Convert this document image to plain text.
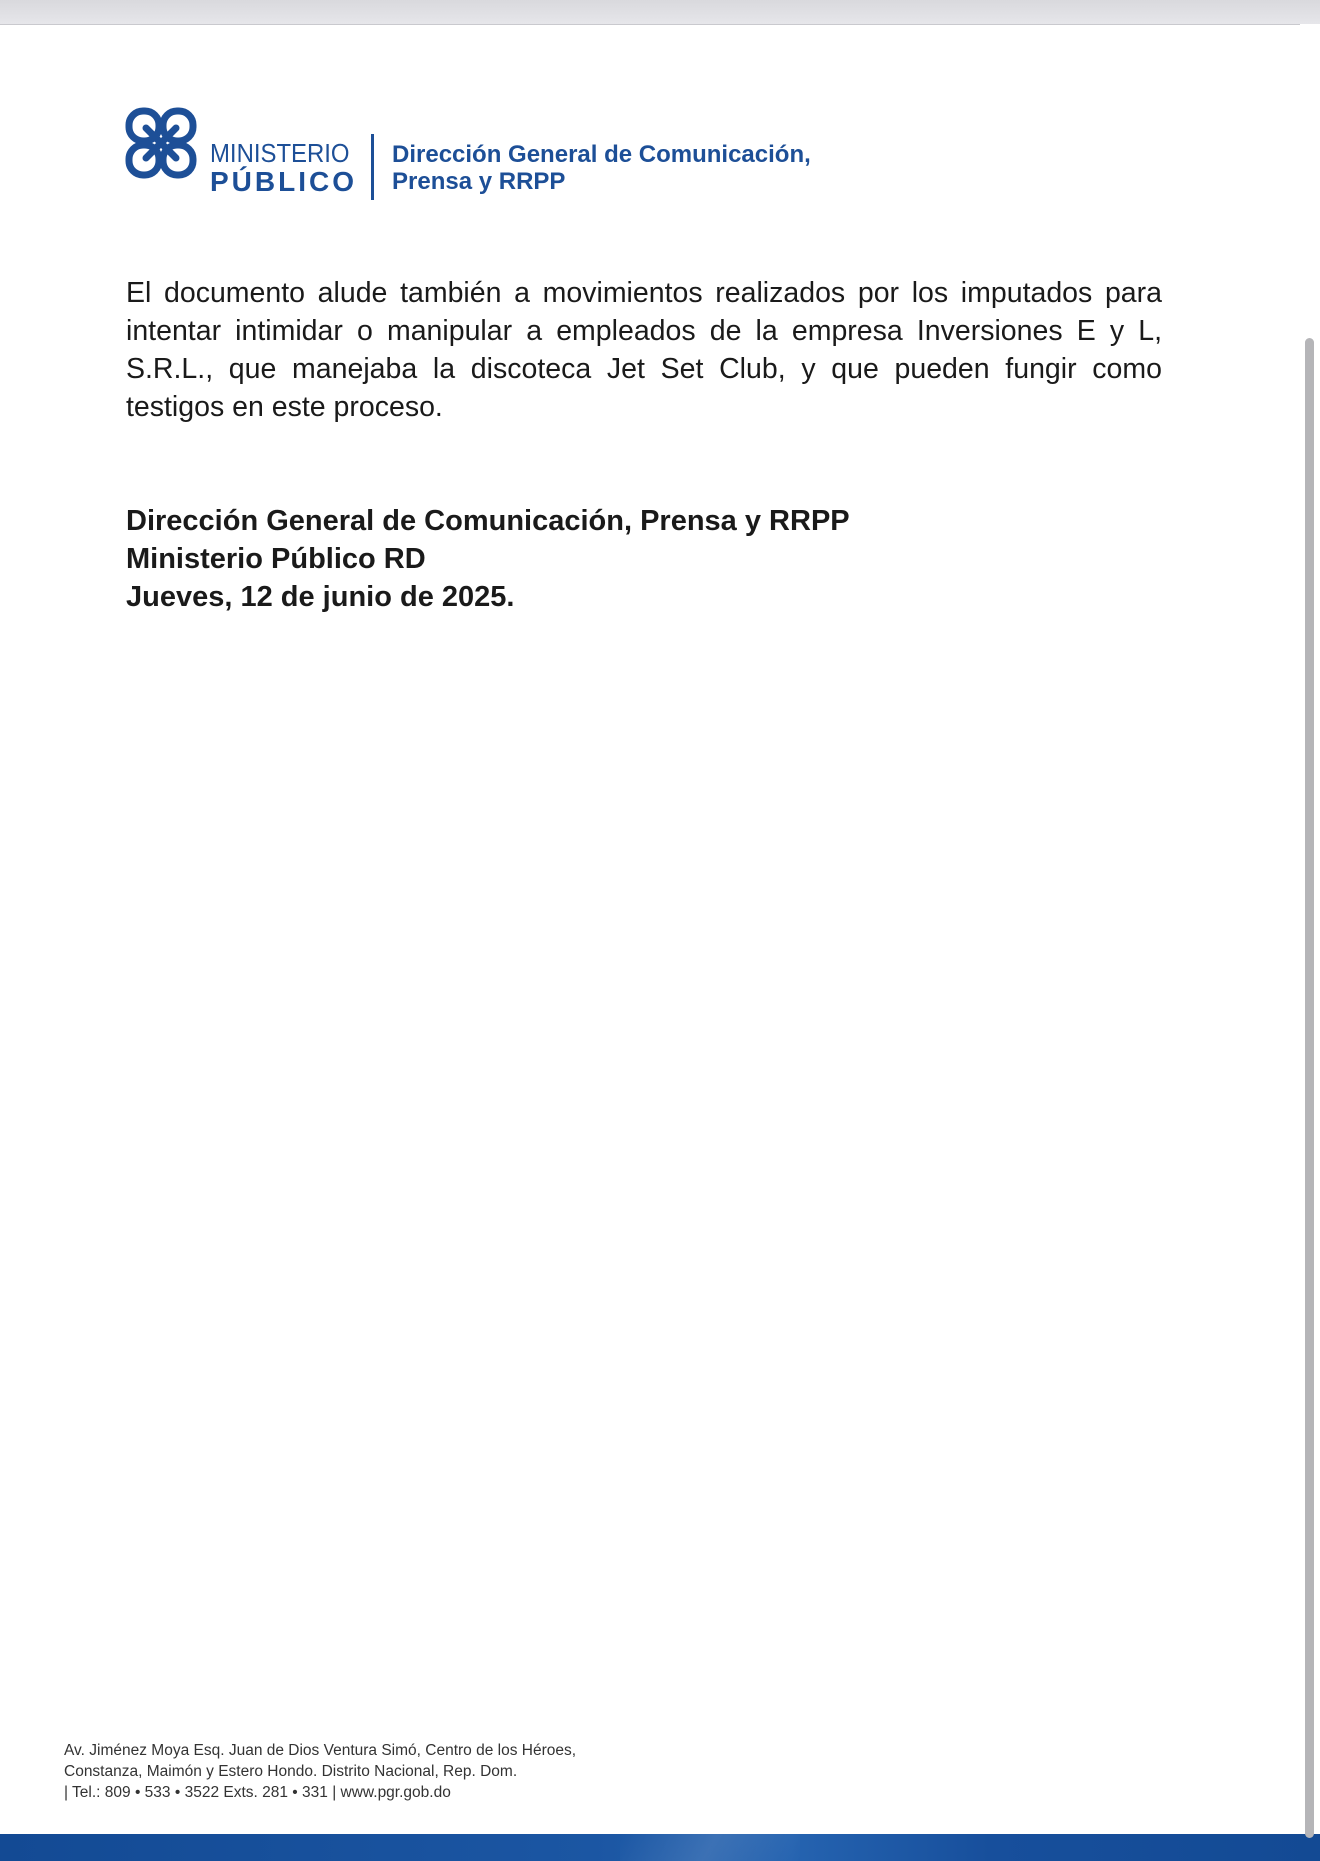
MINISTERIO
PÚBLICO
Dirección General de Comunicación,
Prensa y RRPP

El documento alude también a movimientos realizados por los imputados para intentar intimidar o manipular a empleados de la empresa Inversiones E y L, S.R.L., que manejaba la discoteca Jet Set Club, y que pueden fungir como testigos en este proceso.

Dirección General de Comunicación, Prensa y RRPP
Ministerio Público RD
Jueves, 12 de junio de 2025.
Av. Jiménez Moya Esq. Juan de Dios Ventura Simó, Centro de los Héroes,
Constanza, Maimón y Estero Hondo. Distrito Nacional, Rep. Dom.
| Tel.: 809 • 533 • 3522 Exts. 281 • 331 | www.pgr.gob.do
